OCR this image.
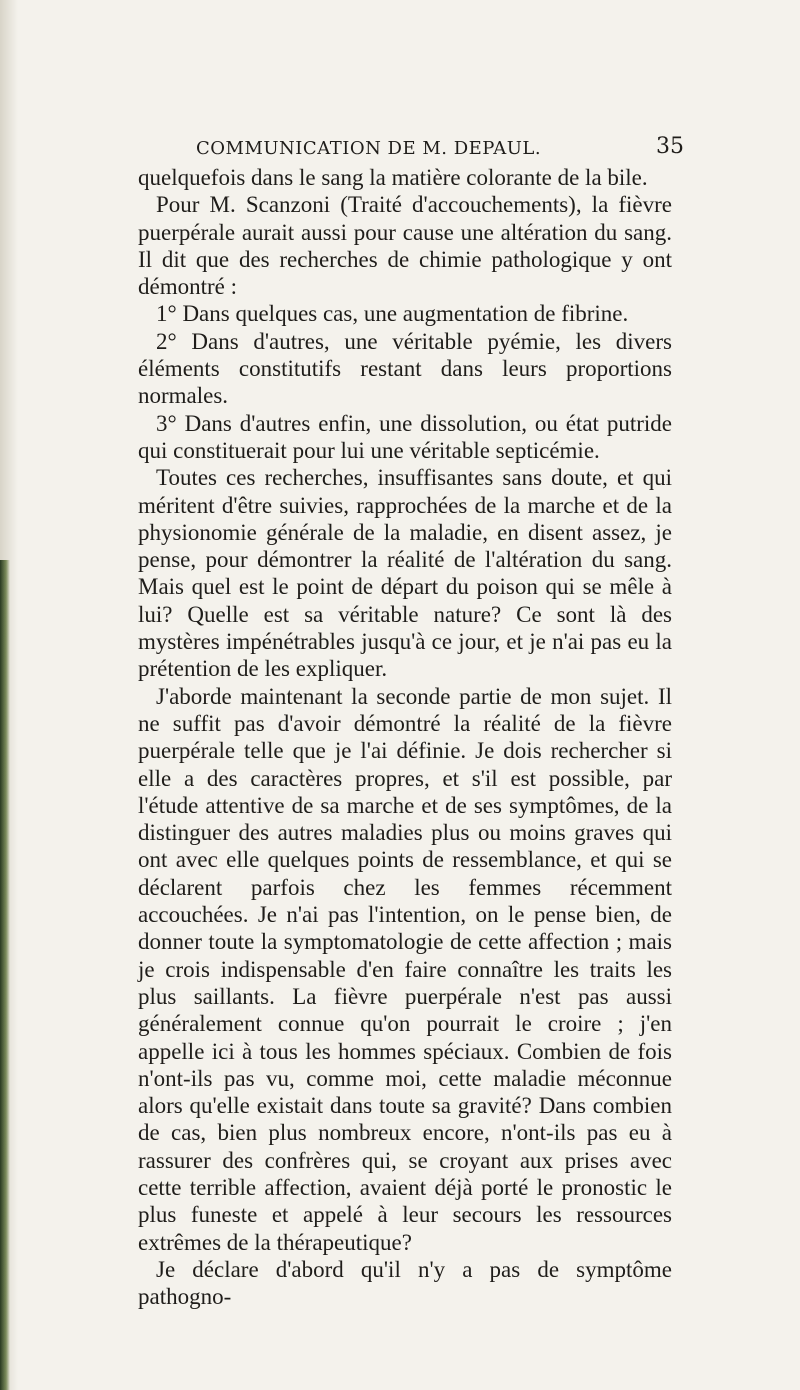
COMMUNICATION DE M. DEPAUL.	35

quelquefois dans le sang la matière colorante de la bile.

Pour M. Scanzoni (Traité d'accouchements), la fièvre puerpérale aurait aussi pour cause une altération du sang. Il dit que des recherches de chimie pathologique y ont démontré :

1° Dans quelques cas, une augmentation de fibrine.

2° Dans d'autres, une véritable pyémie, les divers éléments constitutifs restant dans leurs proportions normales.

3° Dans d'autres enfin, une dissolution, ou état putride qui constituerait pour lui une véritable septicémie.

Toutes ces recherches, insuffisantes sans doute, et qui méritent d'être suivies, rapprochées de la marche et de la physionomie générale de la maladie, en disent assez, je pense, pour démontrer la réalité de l'altération du sang. Mais quel est le point de départ du poison qui se mêle à lui? Quelle est sa véritable nature? Ce sont là des mystères impénétrables jusqu'à ce jour, et je n'ai pas eu la prétention de les expliquer.

J'aborde maintenant la seconde partie de mon sujet. Il ne suffit pas d'avoir démontré la réalité de la fièvre puerpérale telle que je l'ai définie. Je dois rechercher si elle a des caractères propres, et s'il est possible, par l'étude attentive de sa marche et de ses symptômes, de la distinguer des autres maladies plus ou moins graves qui ont avec elle quelques points de ressemblance, et qui se déclarent parfois chez les femmes récemment accouchées. Je n'ai pas l'intention, on le pense bien, de donner toute la symptomatologie de cette affection ; mais je crois indispensable d'en faire connaître les traits les plus saillants. La fièvre puerpérale n'est pas aussi généralement connue qu'on pourrait le croire ; j'en appelle ici à tous les hommes spéciaux. Combien de fois n'ont-ils pas vu, comme moi, cette maladie méconnue alors qu'elle existait dans toute sa gravité? Dans combien de cas, bien plus nombreux encore, n'ont-ils pas eu à rassurer des confrères qui, se croyant aux prises avec cette terrible affection, avaient déjà porté le pronostic le plus funeste et appelé à leur secours les ressources extrêmes de la thérapeutique?

Je déclare d'abord qu'il n'y a pas de symptôme pathogno-
